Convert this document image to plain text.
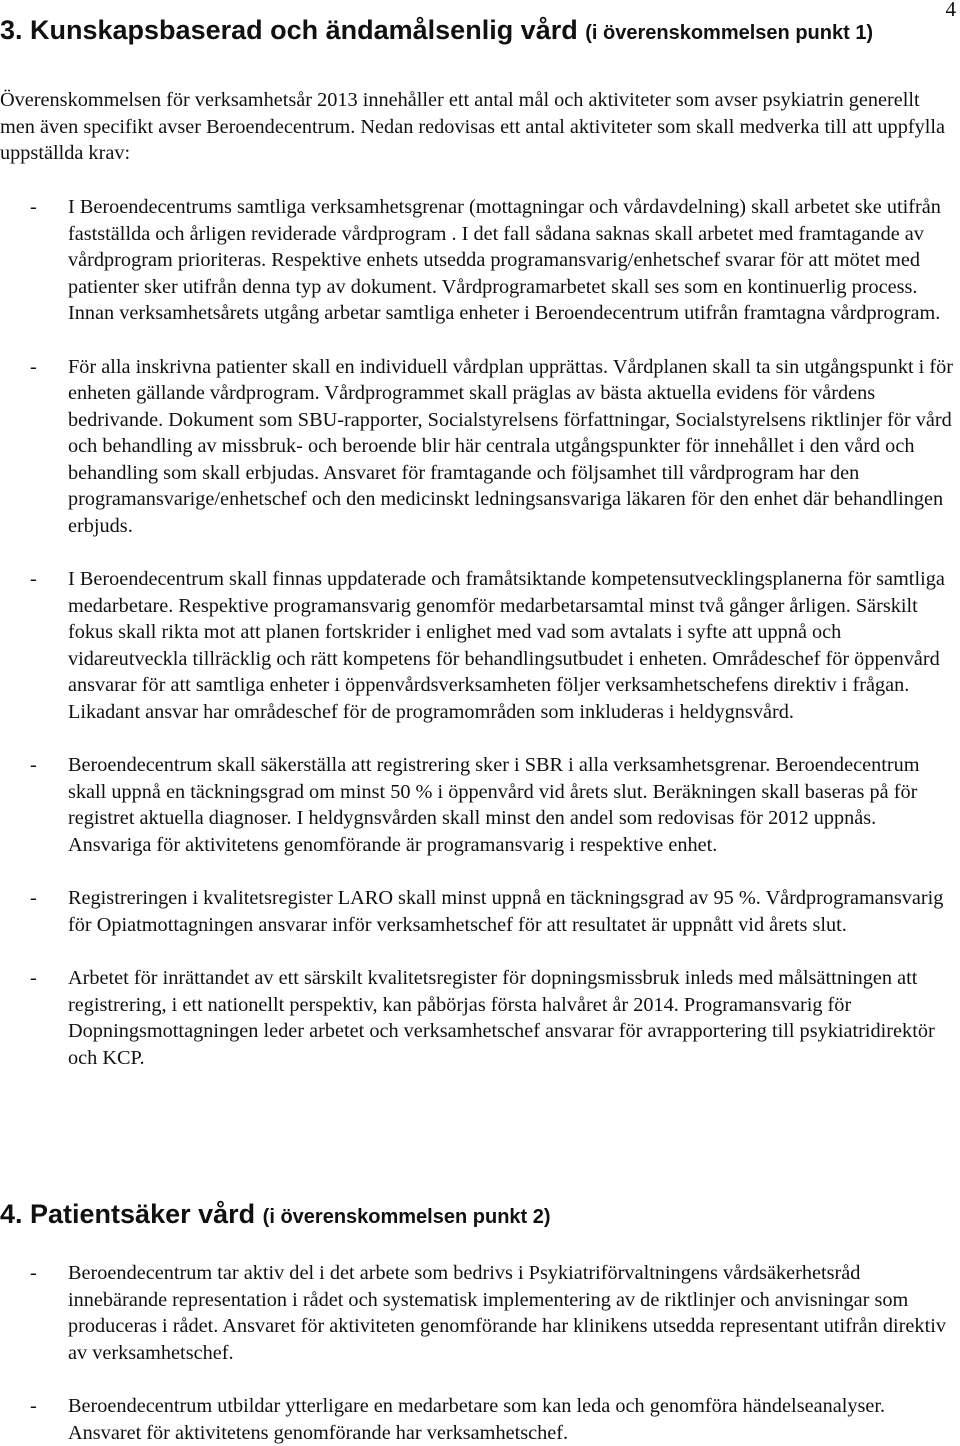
4
3. Kunskapsbaserad och ändamålsenlig vård (i överenskommelsen punkt 1)

Överenskommelsen för verksamhetsår 2013 innehåller ett antal mål och aktiviteter som avser psykiatrin generellt men även specifikt avser Beroendecentrum. Nedan redovisas ett antal aktiviteter som skall medverka till att uppfylla uppställda krav:

- I Beroendecentrums samtliga verksamhetsgrenar (mottagningar och vårdavdelning) skall arbetet ske utifrån fastställda och årligen reviderade vårdprogram . I det fall sådana saknas skall arbetet med framtagande av vårdprogram prioriteras. Respektive enhets utsedda programansvarig/enhetschef svarar för att mötet med patienter sker utifrån denna typ av dokument. Vårdprogramarbetet skall ses som en kontinuerlig process. Innan verksamhetsårets utgång arbetar samtliga enheter i Beroendecentrum utifrån framtagna vårdprogram.
- För alla inskrivna patienter skall en individuell vårdplan upprättas. Vårdplanen skall ta sin utgångspunkt i för enheten gällande vårdprogram. Vårdprogrammet skall präglas av bästa aktuella evidens för vårdens bedrivande. Dokument som SBU-rapporter, Socialstyrelsens författningar, Socialstyrelsens riktlinjer för vård och behandling av missbruk- och beroende blir här centrala utgångspunkter för innehållet i den vård och behandling som skall erbjudas. Ansvaret för framtagande och följsamhet till vårdprogram har den programansvarige/enhetschef och den medicinskt ledningsansvariga läkaren för den enhet där behandlingen erbjuds.
- I Beroendecentrum skall finnas uppdaterade och framåtsiktande kompetensutvecklingsplanerna för samtliga medarbetare. Respektive programansvarig genomför medarbetarsamtal minst två gånger årligen. Särskilt fokus skall rikta mot att planen fortskrider i enlighet med vad som avtalats i syfte att uppnå och vidareutveckla tillräcklig och rätt kompetens för behandlingsutbudet i enheten. Områdeschef för öppenvård ansvarar för att samtliga enheter i öppenvårdsverksamheten följer verksamhetschefens direktiv i frågan. Likadant ansvar har områdeschef för de programområden som inkluderas i heldygnsvård.
- Beroendecentrum skall säkerställa att registrering sker i SBR i alla verksamhetsgrenar. Beroendecentrum skall uppnå en täckningsgrad om minst 50 % i öppenvård vid årets slut. Beräkningen skall baseras på för registret aktuella diagnoser. I heldygnsvården skall minst den andel som redovisas för 2012 uppnås. Ansvariga för aktivitetens genomförande är programansvarig i respektive enhet.
- Registreringen i kvalitetsregister LARO skall minst uppnå en täckningsgrad av 95 %. Vårdprogramansvarig för Opiatmottagningen ansvarar inför verksamhetschef för att resultatet är uppnått vid årets slut.
- Arbetet för inrättandet av ett särskilt kvalitetsregister för dopningsmissbruk inleds med målsättningen att registrering, i ett nationellt perspektiv, kan påbörjas första halvåret år 2014. Programansvarig för Dopningsmottagningen leder arbetet och verksamhetschef ansvarar för avrapportering till psykiatridirektör och KCP.
4. Patientsäker vård (i överenskommelsen punkt 2)
- Beroendecentrum tar aktiv del i det arbete som bedrivs i Psykiatriförvaltningens vårdsäkerhetsråd innebärande representation i rådet och systematisk implementering av de riktlinjer och anvisningar som produceras i rådet. Ansvaret för aktiviteten genomförande har klinikens utsedda representant utifrån direktiv av verksamhetschef.
- Beroendecentrum utbildar ytterligare en medarbetare som kan leda och genomföra händelseanalyser. Ansvaret för aktivitetens genomförande har verksamhetschef.
